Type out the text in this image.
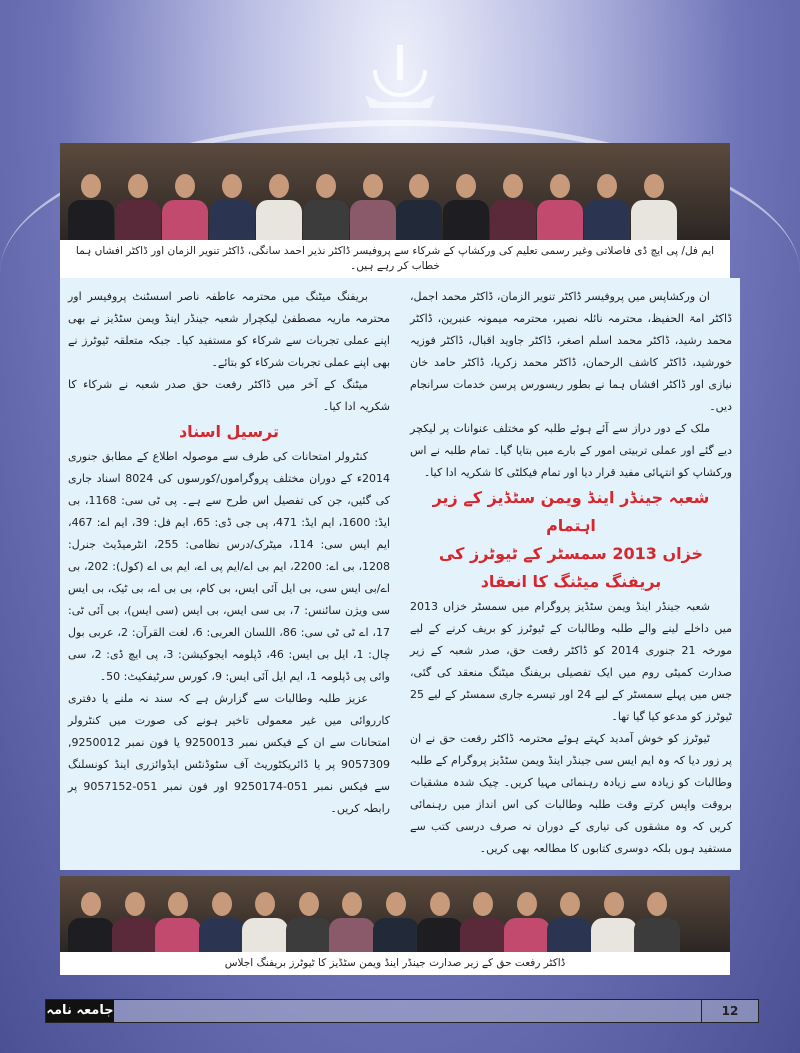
ایم فل/ پی ایچ ڈی فاصلاتی وغیر رسمی تعلیم کی ورکشاپ کے شرکاء سے پروفیسر ڈاکٹر نذیر احمد سانگی، ڈاکٹر تنویر الزمان اور ڈاکٹر افشاں ہما خطاب کر رہے ہیں۔

ان ورکشاپس میں پروفیسر ڈاکٹر تنویر الزمان، ڈاکٹر محمد اجمل، ڈاکٹر امۃ الحفیظ، محترمہ نائلہ نصیر، محترمہ میمونہ عنبرین، ڈاکٹر محمد رشید، ڈاکٹر محمد اسلم اصغر، ڈاکٹر جاوید اقبال، ڈاکٹر فوزیہ خورشید، ڈاکٹر کاشف الرحمان، ڈاکٹر محمد زکریا، ڈاکٹر حامد خان نیازی اور ڈاکٹر افشاں ہما نے بطور ریسورس پرسن خدمات سرانجام دیں۔

ملک کے دور دراز سے آئے ہوئے طلبہ کو مختلف عنوانات پر لیکچر دیے گئے اور عملی تربیتی امور کے بارے میں بتایا گیا۔ تمام طلبہ نے اس ورکشاپ کو انتہائی مفید قرار دیا اور تمام فیکلٹی کا شکریہ ادا کیا۔

شعبہ جینڈر اینڈ ویمن سٹڈیز کے زیر اہتمام

خزاں 2013 سمسٹر کے ٹیوٹرز کی بریفنگ میٹنگ کا انعقاد

شعبہ جینڈر اینڈ ویمن سٹڈیز پروگرام میں سمسٹر خزاں 2013 میں داخلے لینے والے طلبہ وطالبات کے ٹیوٹرز کو بریف کرنے کے لیے مورخہ 21 جنوری 2014 کو ڈاکٹر رفعت حق، صدر شعبہ کے زیر صدارت کمیٹی روم میں ایک تفصیلی بریفنگ میٹنگ منعقد کی گئی، جس میں پہلے سمسٹر کے لیے 24 اور تیسرے جاری سمسٹر کے لیے 25 ٹیوٹرز کو مدعو کیا گیا تھا۔

ٹیوٹرز کو خوش آمدید کہتے ہوئے محترمہ ڈاکٹر رفعت حق نے ان پر زور دیا کہ وہ ایم ایس سی جینڈر اینڈ ویمن سٹڈیز پروگرام کے طلبہ وطالبات کو زیادہ سے زیادہ رہنمائی مہیا کریں۔ چیک شدہ مشقیات بروقت واپس کرتے وقت طلبہ وطالبات کی اس انداز میں رہنمائی کریں کہ وہ مشقوں کی تیاری کے دوران نہ صرف درسی کتب سے مستفید ہوں بلکہ دوسری کتابوں کا مطالعہ بھی کریں۔

بریفنگ میٹنگ میں محترمہ عاطفہ ناصر اسسٹنٹ پروفیسر اور محترمہ ماریہ مصطفیٰ لیکچرار شعبہ جینڈر اینڈ ویمن سٹڈیز نے بھی اپنے عملی تجربات سے شرکاء کو مستفید کیا۔ جبکہ متعلقہ ٹیوٹرز نے بھی اپنے عملی تجربات شرکاء کو بتائے۔

میٹنگ کے آخر میں ڈاکٹر رفعت حق صدر شعبہ نے شرکاء کا شکریہ ادا کیا۔

ترسیل اسناد

کنٹرولر امتحانات کی طرف سے موصولہ اطلاع کے مطابق جنوری 2014ء کے دوران مختلف پروگراموں/کورسوں کی 8024 اسناد جاری کی گئیں، جن کی تفصیل اس طرح سے ہے۔ پی ٹی سی: 1168، بی ایڈ: 1600، ایم ایڈ: 471، پی جی ڈی: 65، ایم فل: 39، ایم اے: 467، ایم ایس سی: 114، میٹرک/درس نظامی: 255، انٹرمیڈیٹ جنرل: 1208، بی اے: 2200، ایم بی اے/ایم پی اے، ایم بی اے (کول): 202، بی اے/بی ایس سی، بی ایل آئی ایس، بی کام، بی بی اے، بی ٹیک، بی ایس سی ویژن سائنس: 7، بی سی ایس، بی ایس (سی ایس)، بی آئی ٹی: 17، اے ٹی ٹی سی: 86، اللسان العربی: 6، لغت القرآن: 2، عربی بول چال: 1، ایل بی ایس: 46، ڈپلومہ ایجوکیشن: 3، پی ایچ ڈی: 2، سی وائی پی ڈپلومہ 1، ایم ایل آئی ایس: 9، کورس سرٹیفکیٹ: 50۔

عزیز طلبہ وطالبات سے گزارش ہے کہ سند نہ ملنے یا دفتری کارروائی میں غیر معمولی تاخیر ہونے کی صورت میں کنٹرولر امتحانات سے ان کے فیکس نمبر 9250013 یا فون نمبر 9250012, 9057309 پر یا ڈائریکٹوریٹ آف سٹوڈنٹس ایڈوائزری اینڈ کونسلنگ سے فیکس نمبر 051-9250174 اور فون نمبر 051-9057152 پر رابطہ کریں۔

ڈاکٹر رفعت حق کے زیر صدارت جینڈر اینڈ ویمن سٹڈیز کا ٹیوٹرز بریفنگ اجلاس
جامعہ نامہ	12
